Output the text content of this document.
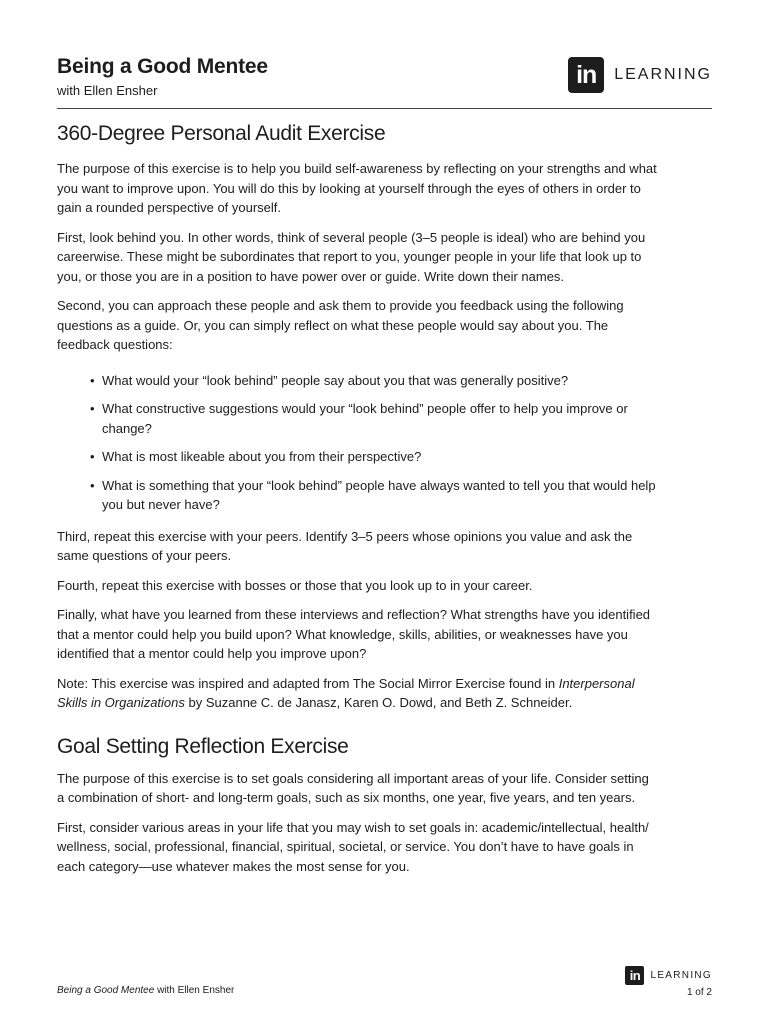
Being a Good Mentee
with Ellen Ensher
in	LEARNING
360-Degree Personal Audit Exercise

The purpose of this exercise is to help you build self-awareness by reflecting on your strengths and what you want to improve upon. You will do this by looking at yourself through the eyes of others in order to gain a rounded perspective of yourself.

First, look behind you. In other words, think of several people (3–5 people is ideal) who are behind you careerwise. These might be subordinates that report to you, younger people in your life that look up to you, or those you are in a position to have power over or guide. Write down their names.

Second, you can approach these people and ask them to provide you feedback using the following questions as a guide. Or, you can simply reflect on what these people would say about you. The feedback questions:

• What would your “look behind” people say about you that was generally positive?
• What constructive suggestions would your “look behind” people offer to help you improve or change?
• What is most likeable about you from their perspective?
• What is something that your “look behind” people have always wanted to tell you that would help you but never have?

Third, repeat this exercise with your peers. Identify 3–5 peers whose opinions you value and ask the same questions of your peers.

Fourth, repeat this exercise with bosses or those that you look up to in your career.

Finally, what have you learned from these interviews and reflection? What strengths have you identified that a mentor could help you build upon? What knowledge, skills, abilities, or weaknesses have you identified that a mentor could help you improve upon?

Note: This exercise was inspired and adapted from The Social Mirror Exercise found in Interpersonal Skills in Organizations by Suzanne C. de Janasz, Karen O. Dowd, and Beth Z. Schneider.

Goal Setting Reflection Exercise

The purpose of this exercise is to set goals considering all important areas of your life. Consider setting a combination of short- and long-term goals, such as six months, one year, five years, and ten years.

First, consider various areas in your life that you may wish to set goals in: academic/intellectual, health/ wellness, social, professional, financial, spiritual, societal, or service. You don’t have to have goals in each category—use whatever makes the most sense for you.

Being a Good Mentee with Ellen Ensher
in	LEARNING
1 of 2
